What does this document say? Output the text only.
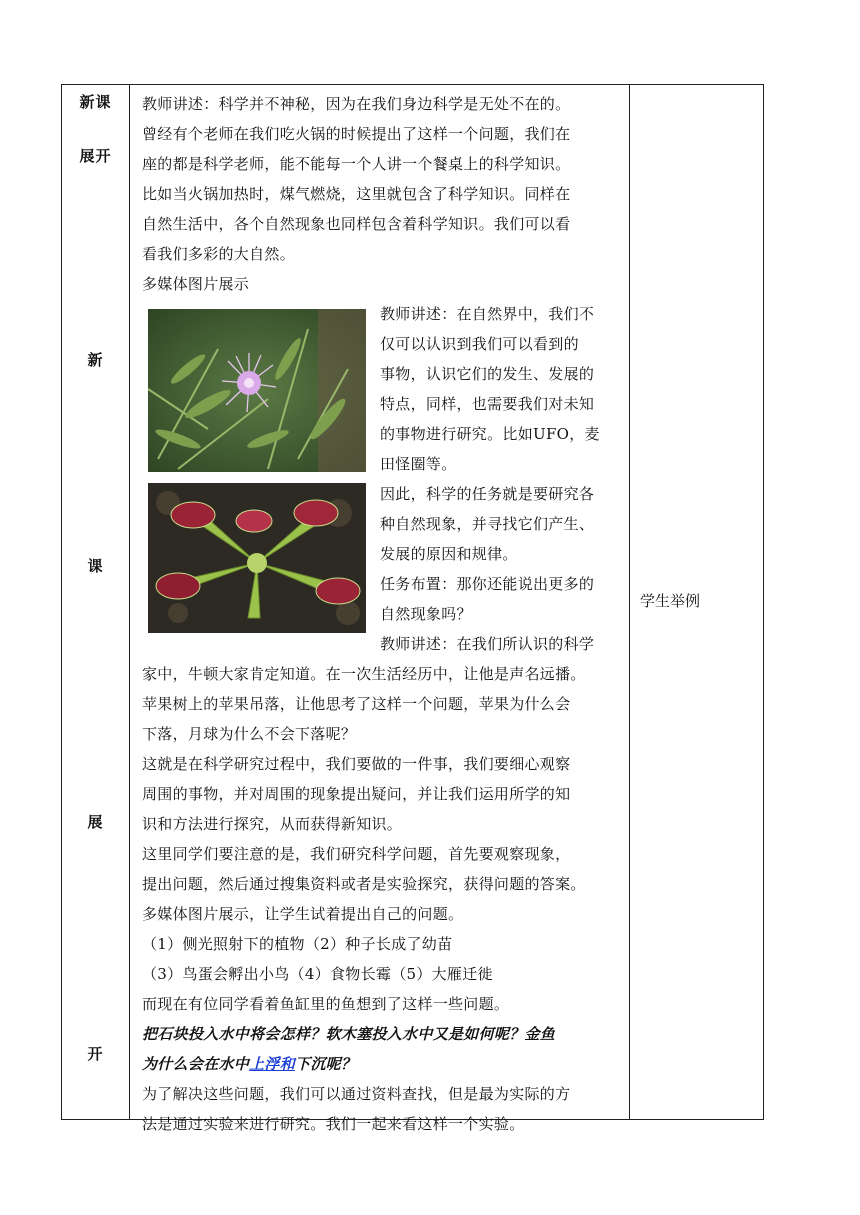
新课
展开
新
课
展
开
教师讲述：科学并不神秘，因为在我们身边科学是无处不在的。
曾经有个老师在我们吃火锅的时候提出了这样一个问题，我们在
座的都是科学老师，能不能每一个人讲一个餐桌上的科学知识。
比如当火锅加热时，煤气燃烧，这里就包含了科学知识。同样在
自然生活中，各个自然现象也同样包含着科学知识。我们可以看
看我们多彩的大自然。
多媒体图片展示
教师讲述：在自然界中，我们不
仅可以认识到我们可以看到的
事物，认识它们的发生、发展的
特点，同样，也需要我们对未知
的事物进行研究。比如UFO，麦
田怪圈等。
因此，科学的任务就是要研究各
种自然现象，并寻找它们产生、
发展的原因和规律。
任务布置：那你还能说出更多的
自然现象吗？
教师讲述：在我们所认识的科学
家中，牛顿大家肯定知道。在一次生活经历中，让他是声名远播。
苹果树上的苹果吊落，让他思考了这样一个问题，苹果为什么会
下落，月球为什么不会下落呢？
这就是在科学研究过程中，我们要做的一件事，我们要细心观察
周围的事物，并对周围的现象提出疑问，并让我们运用所学的知
识和方法进行探究，从而获得新知识。
这里同学们要注意的是，我们研究科学问题，首先要观察现象，
提出问题，然后通过搜集资料或者是实验探究，获得问题的答案。
多媒体图片展示，让学生试着提出自己的问题。
（1）侧光照射下的植物（2）种子长成了幼苗
（3）鸟蛋会孵出小鸟（4）食物长霉（5）大雁迁徙
而现在有位同学看着鱼缸里的鱼想到了这样一些问题。
把石块投入水中将会怎样？软木塞投入水中又是如何呢？金鱼
为什么会在水中上浮和下沉呢？
为了解决这些问题，我们可以通过资料查找，但是最为实际的方
法是通过实验来进行研究。我们一起来看这样一个实验。
学生举例
